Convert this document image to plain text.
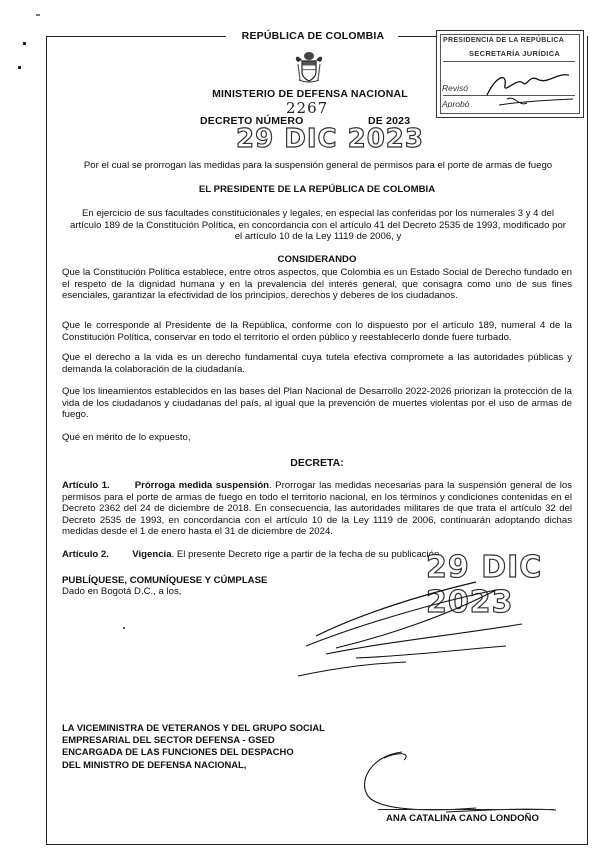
REPÚBLICA DE COLOMBIA
MINISTERIO DE DEFENSA NACIONAL
2267
DECRETO NÚMERO	DE 2023
29 DIC 2023
PRESIDENCIA DE LA REPÚBLICA
SECRETARÍA JURÍDICA
Revisó
Aprobó
Por el cual se prorrogan las medidas para la suspensión general de permisos para el porte de armas de fuego
EL PRESIDENTE DE LA REPÚBLICA DE COLOMBIA
En ejercicio de sus facultades constitucionales y legales, en especial las conferidas por los numerales 3 y 4 del artículo 189 de la Constitución Política, en concordancia con el artículo 41 del Decreto 2535 de 1993, modificado por el artículo 10 de la Ley 1119 de 2006, y
CONSIDERANDO
Que la Constitución Política establece, entre otros aspectos, que Colombia es un Estado Social de Derecho fundado en el respeto de la dignidad humana y en la prevalencia del interés general, que consagra como uno de sus fines esenciales, garantizar la efectividad de los principios, derechos y deberes de los ciudadanos.
Que le corresponde al Presidente de la República, conforme con lo dispuesto por el artículo 189, numeral 4 de la Constitución Política, conservar en todo el territorio el orden público y reestablecerlo donde fuere turbado.
Que el derecho a la vida es un derecho fundamental cuya tutela efectiva compromete a las autoridades públicas y demanda la colaboración de la ciudadanía.
Que los lineamientos establecidos en las bases del Plan Nacional de Desarrollo 2022-2026 priorizan la protección de la vida de los ciudadanos y ciudadanas del país, al igual que la prevención de muertes violentas por el uso de armas de fuego.
Qué en mérito de lo expuesto,
DECRETA:
Artículo 1.	Prórroga medida suspensión. Prorrogar las medidas necesarias para la suspensión general de los permisos para el porte de armas de fuego en todo el territorio nacional, en los términos y condiciones contenidas en el Decreto 2362 del 24 de diciembre de 2018. En consecuencia, las autoridades militares de que trata el artículo 32 del Decreto 2535 de 1993, en concordancia con el artículo 10 de la Ley 1119 de 2006, continuarán adoptando dichas medidas desde el 1 de enero hasta el 31 de diciembre de 2024.
Artículo 2. Vigencia. El presente Decreto rige a partir de la fecha de su publicación.
PUBLÍQUESE, COMUNÍQUESE Y CÚMPLASE
Dado en Bogotá D.C., a los,
29 DIC 2023
LA VICEMINISTRA DE VETERANOS Y DEL GRUPO SOCIAL
EMPRESARIAL DEL SECTOR DEFENSA - GSED
ENCARGADA DE LAS FUNCIONES DEL DESPACHO
DEL MINISTRO DE DEFENSA NACIONAL,
ANA CATALINA CANO LONDOÑO
